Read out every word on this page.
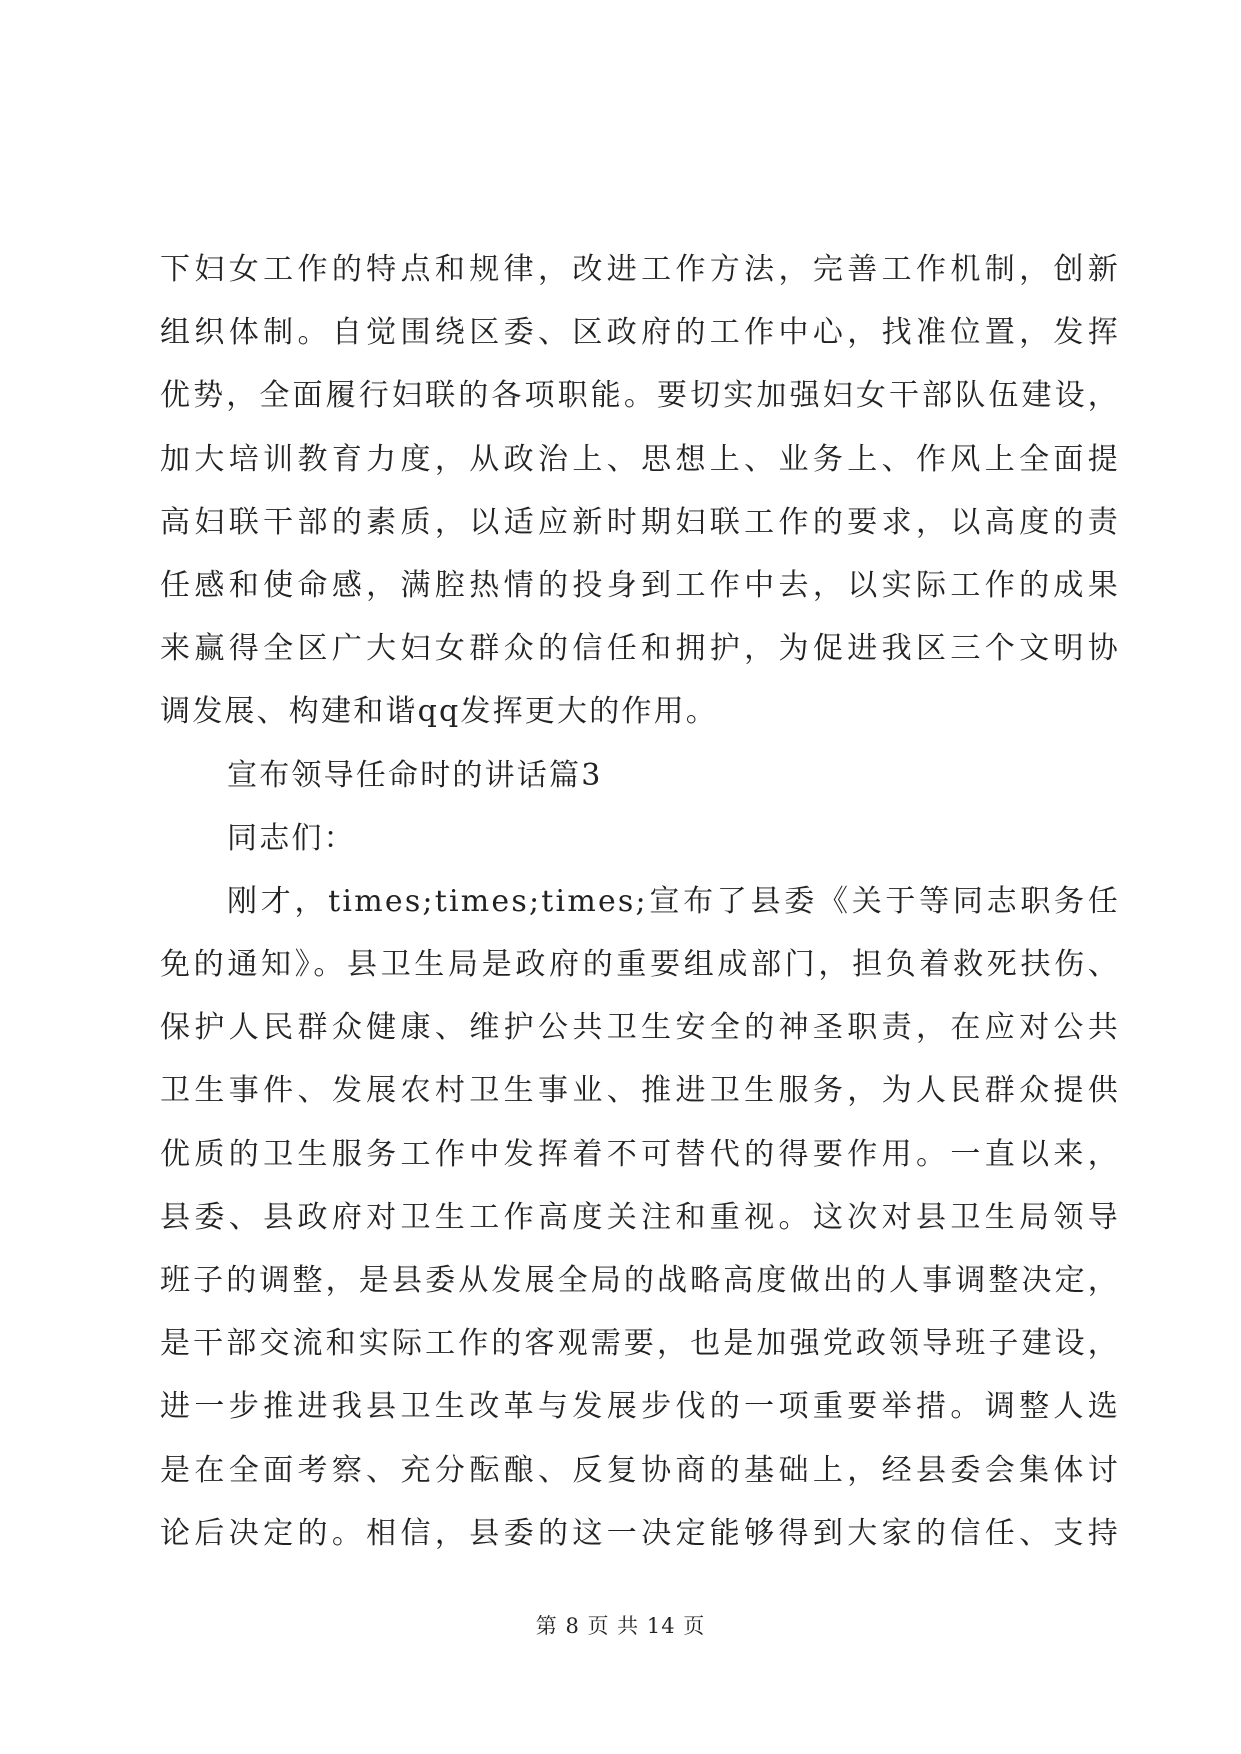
下妇女工作的特点和规律，改进工作方法，完善工作机制，创新
组织体制。自觉围绕区委、区政府的工作中心，找准位置，发挥
优势，全面履行妇联的各项职能。要切实加强妇女干部队伍建设，
加大培训教育力度，从政治上、思想上、业务上、作风上全面提
高妇联干部的素质，以适应新时期妇联工作的要求，以高度的责
任感和使命感，满腔热情的投身到工作中去，以实际工作的成果
来赢得全区广大妇女群众的信任和拥护，为促进我区三个文明协
调发展、构建和谐qq发挥更大的作用。
宣布领导任命时的讲话篇3
同志们：
刚才，times;times;times;宣布了县委《关于等同志职务任
免的通知》。县卫生局是政府的重要组成部门，担负着救死扶伤、
保护人民群众健康、维护公共卫生安全的神圣职责，在应对公共
卫生事件、发展农村卫生事业、推进卫生服务，为人民群众提供
优质的卫生服务工作中发挥着不可替代的得要作用。一直以来，
县委、县政府对卫生工作高度关注和重视。这次对县卫生局领导
班子的调整，是县委从发展全局的战略高度做出的人事调整决定，
是干部交流和实际工作的客观需要，也是加强党政领导班子建设，
进一步推进我县卫生改革与发展步伐的一项重要举措。调整人选
是在全面考察、充分酝酿、反复协商的基础上，经县委会集体讨
论后决定的。相信，县委的这一决定能够得到大家的信任、支持
第 8 页 共 14 页
